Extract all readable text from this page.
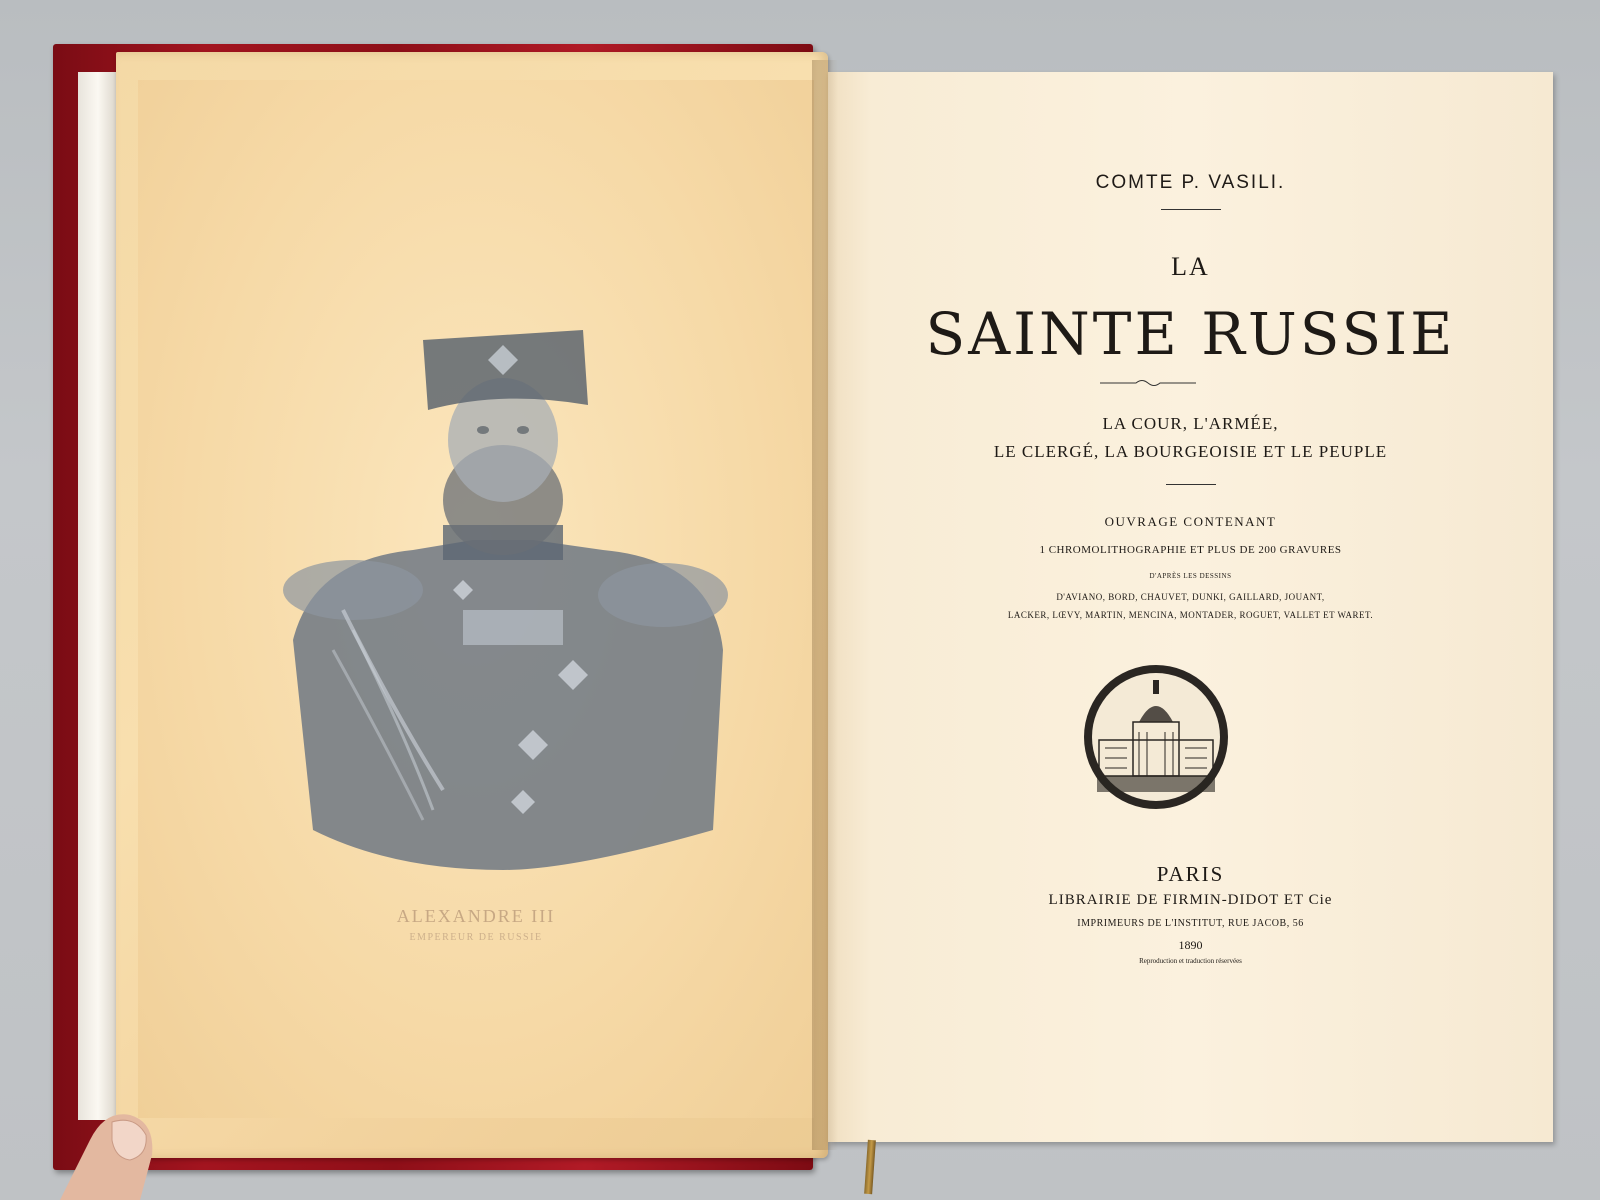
ALEXANDRE III
EMPEREUR DE RUSSIE
COMTE P. VASILI.
LA
SAINTE RUSSIE
LA COUR, L'ARMÉE,
LE CLERGÉ, LA BOURGEOISIE ET LE PEUPLE
OUVRAGE CONTENANT
1 CHROMOLITHOGRAPHIE ET PLUS DE 200 GRAVURES
D'APRÈS LES DESSINS
D'AVIANO, BORD, CHAUVET, DUNKI, GAILLARD, JOUANT,
LACKER, LŒVY, MARTIN, MENCINA, MONTADER, ROGUET, VALLET ET WARET.
PARIS
LIBRAIRIE DE FIRMIN-DIDOT ET Cie
IMPRIMEURS DE L'INSTITUT, RUE JACOB, 56
1890
Reproduction et traduction réservées
